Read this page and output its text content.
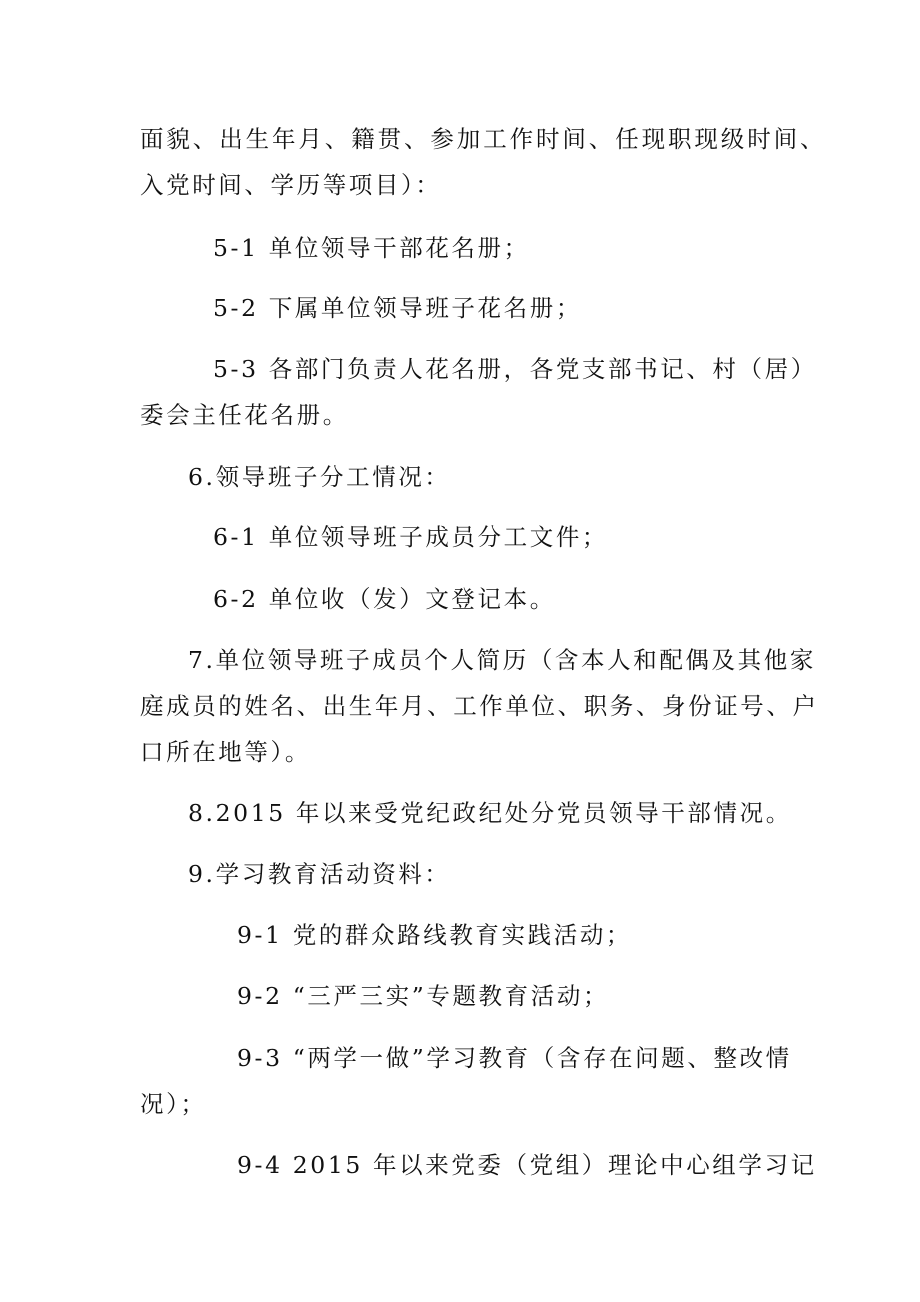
面貌、出生年月、籍贯、参加工作时间、任现职现级时间、
入党时间、学历等项目）：
5-1 单位领导干部花名册；
5-2 下属单位领导班子花名册；
5-3 各部门负责人花名册，各党支部书记、村（居）
委会主任花名册。
6.领导班子分工情况：
6-1 单位领导班子成员分工文件；
6-2 单位收（发）文登记本。
7.单位领导班子成员个人简历（含本人和配偶及其他家
庭成员的姓名、出生年月、工作单位、职务、身份证号、户
口所在地等）。
8.2015 年以来受党纪政纪处分党员领导干部情况。
9.学习教育活动资料：
9-1 党的群众路线教育实践活动；
9-2 “三严三实”专题教育活动；
9-3 “两学一做”学习教育（含存在问题、整改情
况）；
9-4 2015 年以来党委（党组）理论中心组学习记
